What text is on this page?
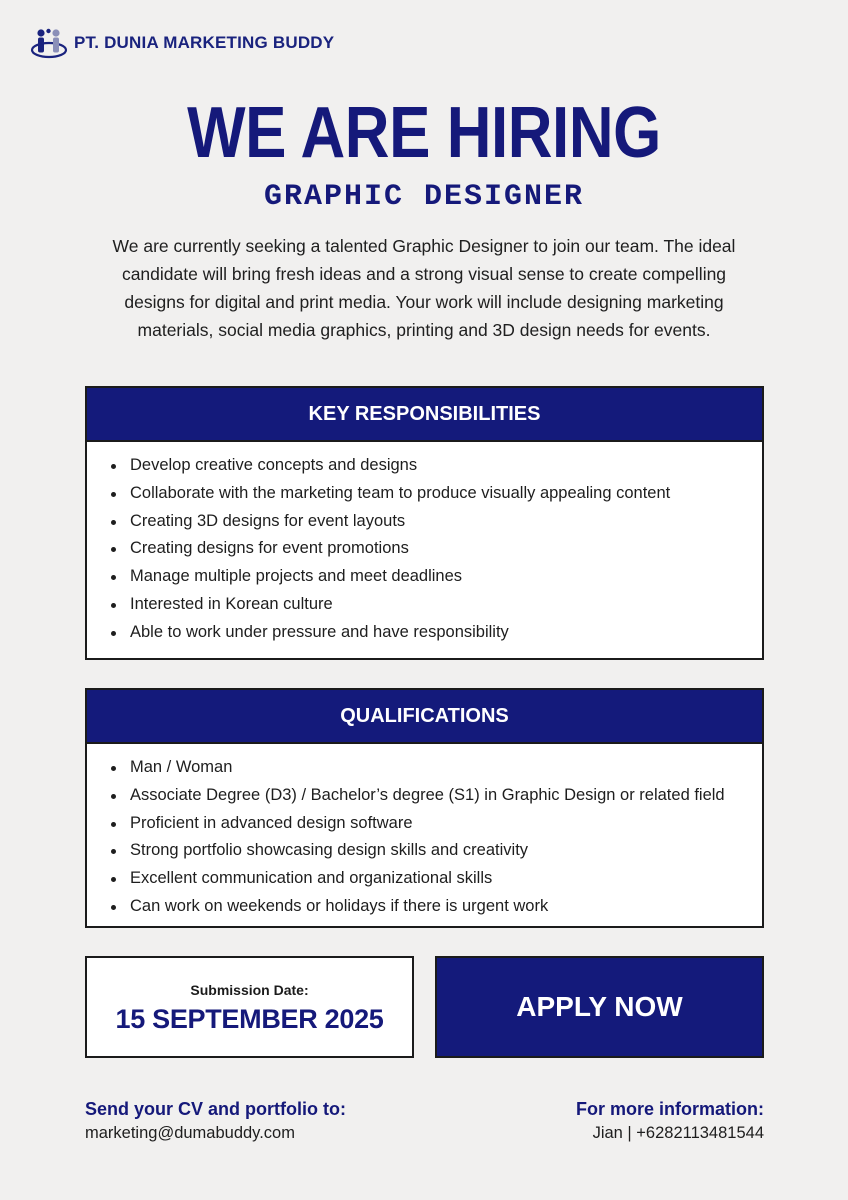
PT. DUNIA MARKETING BUDDY
WE ARE HIRING
GRAPHIC DESIGNER

We are currently seeking a talented Graphic Designer to join our team. The ideal candidate will bring fresh ideas and a strong visual sense to create compelling designs for digital and print media. Your work will include designing marketing materials, social media graphics, printing and 3D design needs for events.

KEY RESPONSIBILITIES
Develop creative concepts and designs
Collaborate with the marketing team to produce visually appealing content
Creating 3D designs for event layouts
Creating designs for event promotions
Manage multiple projects and meet deadlines
Interested in Korean culture
Able to work under pressure and have responsibility
QUALIFICATIONS
Man / Woman
Associate Degree (D3) / Bachelor’s degree (S1) in Graphic Design or related field
Proficient in advanced design software
Strong portfolio showcasing design skills and creativity
Excellent communication and organizational skills
Can work on weekends or holidays if there is urgent work
Submission Date:
15 SEPTEMBER 2025	APPLY NOW
Send your CV and portfolio to:
marketing@dumabuddy.com
For more information:
Jian | +6282113481544
